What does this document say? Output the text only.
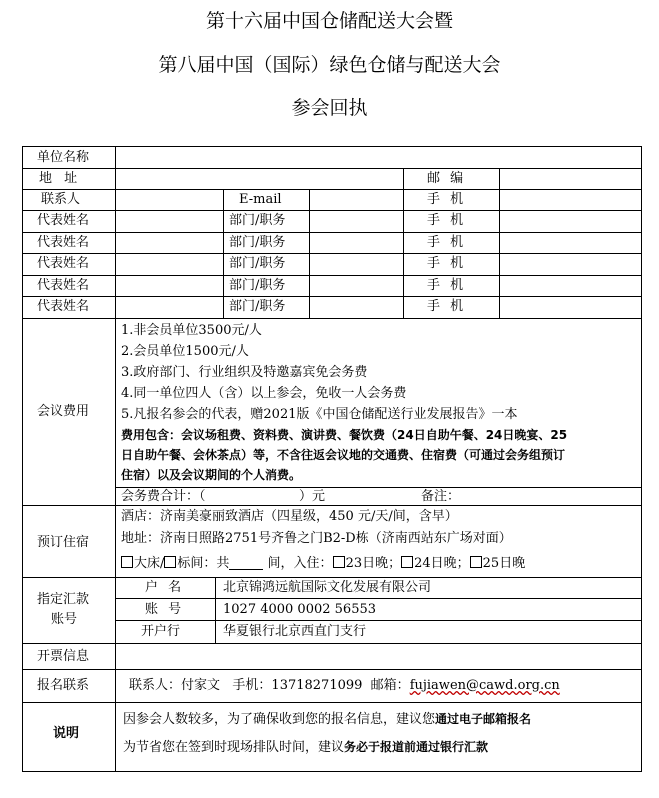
第十六届中国仓储配送大会暨
第八届中国（国际）绿色仓储与配送大会
参会回执
单位名称
地 址	邮 编
联系人	E-mail	手 机
代表姓名	部门/职务	手 机
代表姓名	部门/职务	手 机
代表姓名	部门/职务	手 机
代表姓名	部门/职务	手 机
代表姓名	部门/职务	手 机
会议费用
1.非会员单位3500元/人
2.会员单位1500元/人
3.政府部门、行业组织及特邀嘉宾免会务费
4.同一单位四人（含）以上参会，免收一人会务费
5.凡报名参会的代表，赠2021版《中国仓储配送行业发展报告》一本
费用包含：会议场租费、资料费、演讲费、餐饮费（24日自助午餐、24日晚宴、25
日自助午餐、会休茶点）等，不含往返会议地的交通费、住宿费（可通过会务组预订
住宿）以及会议期间的个人消费。
会务费合计：（	）元	备注：
预订住宿
酒店：济南美豪丽致酒店（四星级，450 元/天/间，含早）
地址：济南日照路2751号齐鲁之门B2-D栋（济南西站东广场对面）
大床/ 标间：共	间，入住： 23日晚； 24日晚； 25日晚
指定汇款
账号
户 名	北京锦鸿远航国际文化发展有限公司
账 号	1027 4000 0002 56553
开户行	华夏银行北京西直门支行
开票信息
报名联系	联系人：付家文 手机：13718271099 邮箱：fujiawen@cawd.org.cn
说明
因参会人数较多，为了确保收到您的报名信息，建议您通过电子邮箱报名
为节省您在签到时现场排队时间，建议务必于报道前通过银行汇款
